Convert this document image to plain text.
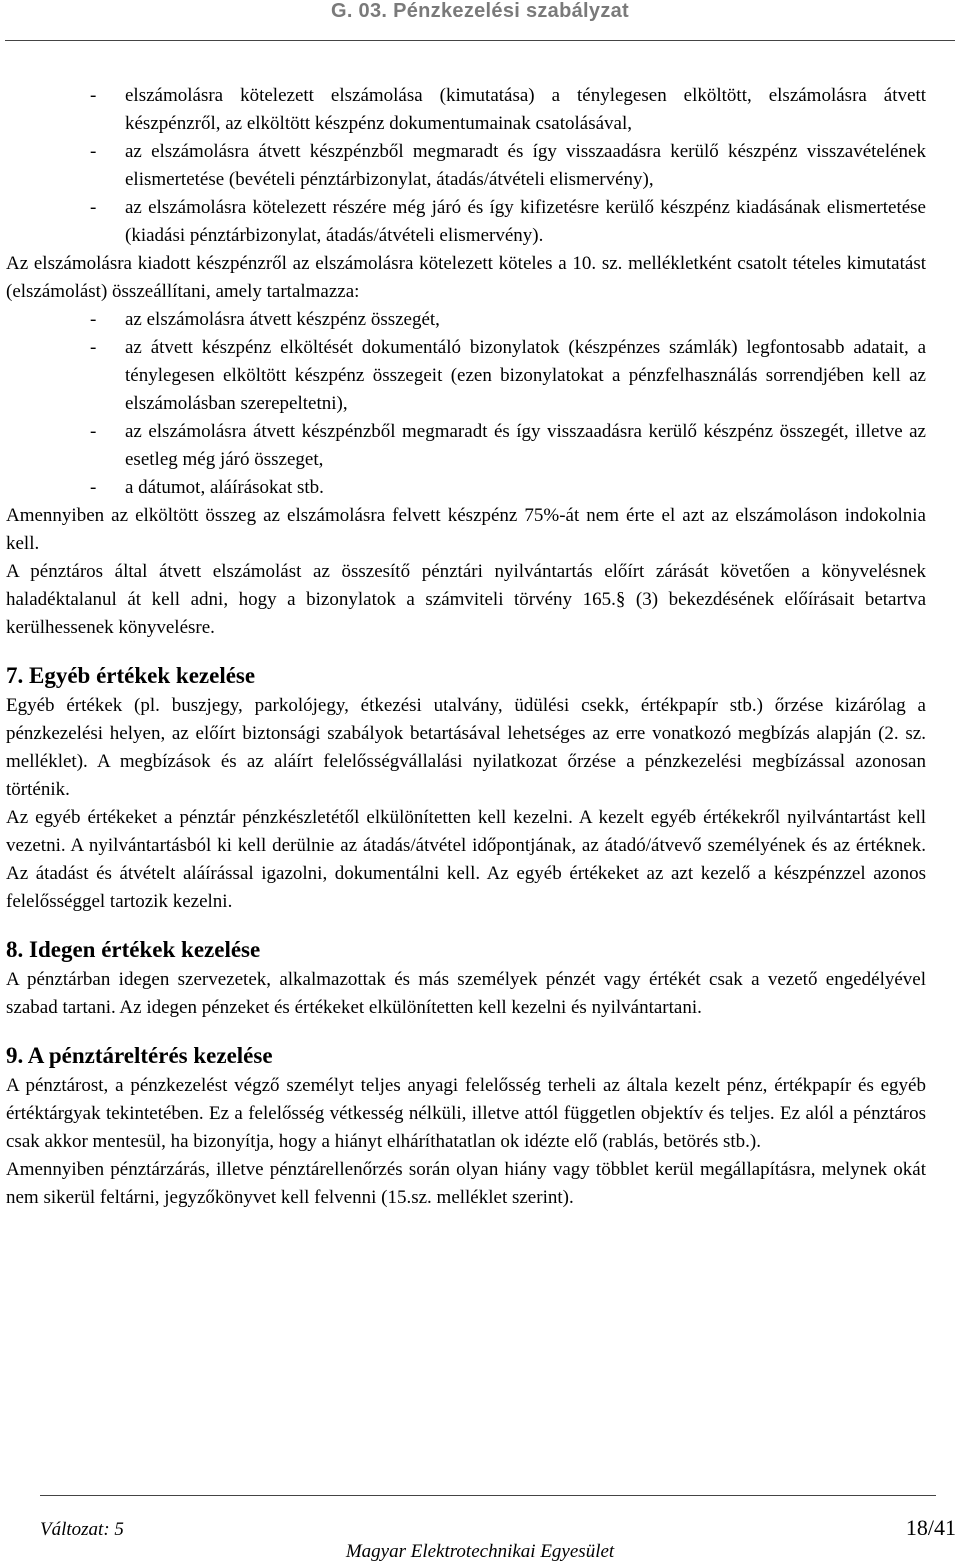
G. 03. Pénzkezelési szabályzat
- elszámolásra kötelezett elszámolása (kimutatása) a ténylegesen elköltött, elszámolásra átvett készpénzről, az elköltött készpénz dokumentumainak csatolásával,
- az elszámolásra átvett készpénzből megmaradt és így visszaadásra kerülő készpénz visszavételének elismertetése (bevételi pénztárbizonylat, átadás/átvételi elismervény),
- az elszámolásra kötelezett részére még járó és így kifizetésre kerülő készpénz kiadásának elismertetése (kiadási pénztárbizonylat, átadás/átvételi elismervény).

Az elszámolásra kiadott készpénzről az elszámolásra kötelezett köteles a 10. sz. mellékletként csatolt tételes kimutatást (elszámolást) összeállítani, amely tartalmazza:

- az elszámolásra átvett készpénz összegét,
- az átvett készpénz elköltését dokumentáló bizonylatok (készpénzes számlák) legfontosabb adatait, a ténylegesen elköltött készpénz összegeit (ezen bizonylatokat a pénzfelhasználás sorrendjében kell az elszámolásban szerepeltetni),
- az elszámolásra átvett készpénzből megmaradt és így visszaadásra kerülő készpénz összegét, illetve az esetleg még járó összeget,
- a dátumot, aláírásokat stb.

Amennyiben az elköltött összeg az elszámolásra felvett készpénz 75%-át nem érte el azt az elszámoláson indokolnia kell.

A pénztáros által átvett elszámolást az összesítő pénztári nyilvántartás előírt zárását követően a könyvelésnek haladéktalanul át kell adni, hogy a bizonylatok a számviteli törvény 165.§ (3) bekezdésének előírásait betartva kerülhessenek könyvelésre.

7. Egyéb értékek kezelése

Egyéb értékek (pl. buszjegy, parkolójegy, étkezési utalvány, üdülési csekk, értékpapír stb.) őrzése kizárólag a pénzkezelési helyen, az előírt biztonsági szabályok betartásával lehetséges az erre vonatkozó megbízás alapján (2. sz. melléklet). A megbízások és az aláírt felelősségvállalási nyilatkozat őrzése a pénzkezelési megbízással azonosan történik.

Az egyéb értékeket a pénztár pénzkészletétől elkülönítetten kell kezelni. A kezelt egyéb értékekről nyilvántartást kell vezetni. A nyilvántartásból ki kell derülnie az átadás/átvétel időpontjának, az átadó/átvevő személyének és az értéknek. Az átadást és átvételt aláírással igazolni, dokumentálni kell. Az egyéb értékeket az azt kezelő a készpénzzel azonos felelősséggel tartozik kezelni.

8. Idegen értékek kezelése

A pénztárban idegen szervezetek, alkalmazottak és más személyek pénzét vagy értékét csak a vezető engedélyével szabad tartani. Az idegen pénzeket és értékeket elkülönítetten kell kezelni és nyilvántartani.

9. A pénztáreltérés kezelése

A pénztárost, a pénzkezelést végző személyt teljes anyagi felelősség terheli az általa kezelt pénz, értékpapír és egyéb értéktárgyak tekintetében. Ez a felelősség vétkesség nélküli, illetve attól független objektív és teljes. Ez alól a pénztáros csak akkor mentesül, ha bizonyítja, hogy a hiányt elháríthatatlan ok idézte elő (rablás, betörés stb.).

Amennyiben pénztárzárás, illetve pénztárellenőrzés során olyan hiány vagy többlet kerül megállapításra, melynek okát nem sikerül feltárni, jegyzőkönyvet kell felvenni (15.sz. melléklet szerint).

Változat: 5	18/41
Magyar Elektrotechnikai Egyesület
